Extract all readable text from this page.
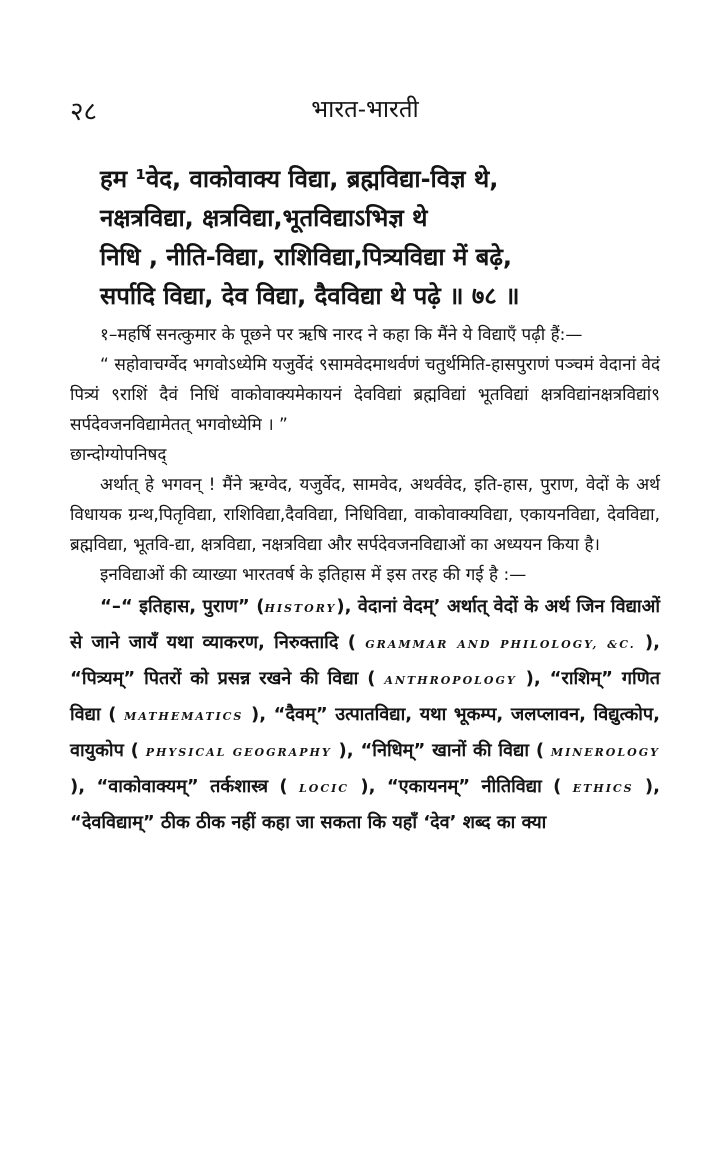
२८	भारत-भारती
हम ¹वेद, वाकोवाक्य विद्या, ब्रह्मविद्या-विज्ञ थे,
नक्षत्रविद्या, क्षत्रविद्या,भूतविद्याऽभिज्ञ थे
निधि , नीति-विद्या, राशिविद्या,पित्र्यविद्या में बढ़े,
सर्पादि विद्या, देव विद्या, दैवविद्या थे पढ़े ॥ ७८ ॥

१–महर्षि सनत्कुमार के पूछने पर ऋषि नारद ने कहा कि मैंने ये विद्याएँ पढ़ी हैं:—

“ सहोवाचर्ग्वेद भगवोऽध्येमि यजुर्वेदं ९सामवेदमाथर्वणं चतुर्थमिति-हासपुराणं पञ्चमं वेदानां वेदं पित्र्यं ९राशिं दैवं निधिं वाकोवाक्यमेकायनं देवविद्यां ब्रह्मविद्यां भूतविद्यां क्षत्रविद्यांनक्षत्रविद्यां९ सर्पदेवजनविद्यामेतत् भगवोध्येमि । ”

छान्दोग्योपनिषद्

अर्थात् हे भगवन् ! मैंने ऋग्वेद, यजुर्वेद, सामवेद, अथर्ववेद, इति-हास, पुराण, वेदों के अर्थ विधायक ग्रन्थ,पितृविद्या, राशिविद्या,दैवविद्या, निधिविद्या, वाकोवाक्यविद्या, एकायनविद्या, देवविद्या, ब्रह्मविद्या, भूतवि-द्या, क्षत्रविद्या, नक्षत्रविद्या और सर्पदेवजनविद्याओं का अध्ययन किया है।

इनविद्याओं की व्याख्या भारतवर्ष के इतिहास में इस तरह की गई है :—

“–“ इतिहास, पुराण” (HISTORY), वेदानां वेदम्’ अर्थात् वेदों के अर्थ जिन विद्याओं से जाने जायँ यथा व्याकरण, निरुक्तादि ( GRAMMAR AND PHILOLOGY, &C. ), “पित्र्यम्” पितरों को प्रसन्न रखने की विद्या ( ANTHROPOLOGY ), “राशिम्” गणित विद्या ( MATHEMATICS ), “दैवम्” उत्पातविद्या, यथा भूकम्प, जलप्लावन, विद्युत्कोप, वायुकोप ( PHYSICAL GEOGRAPHY ), “निधिम्” खानों की विद्या ( MINEROLOGY ), “वाकोवाक्यम्” तर्कशास्त्र ( LOCIC ), “एकायनम्” नीतिविद्या ( ETHICS ), “देवविद्याम्” ठीक ठीक नहीं कहा जा सकता कि यहाँ ‘देव’ शब्द का क्या
